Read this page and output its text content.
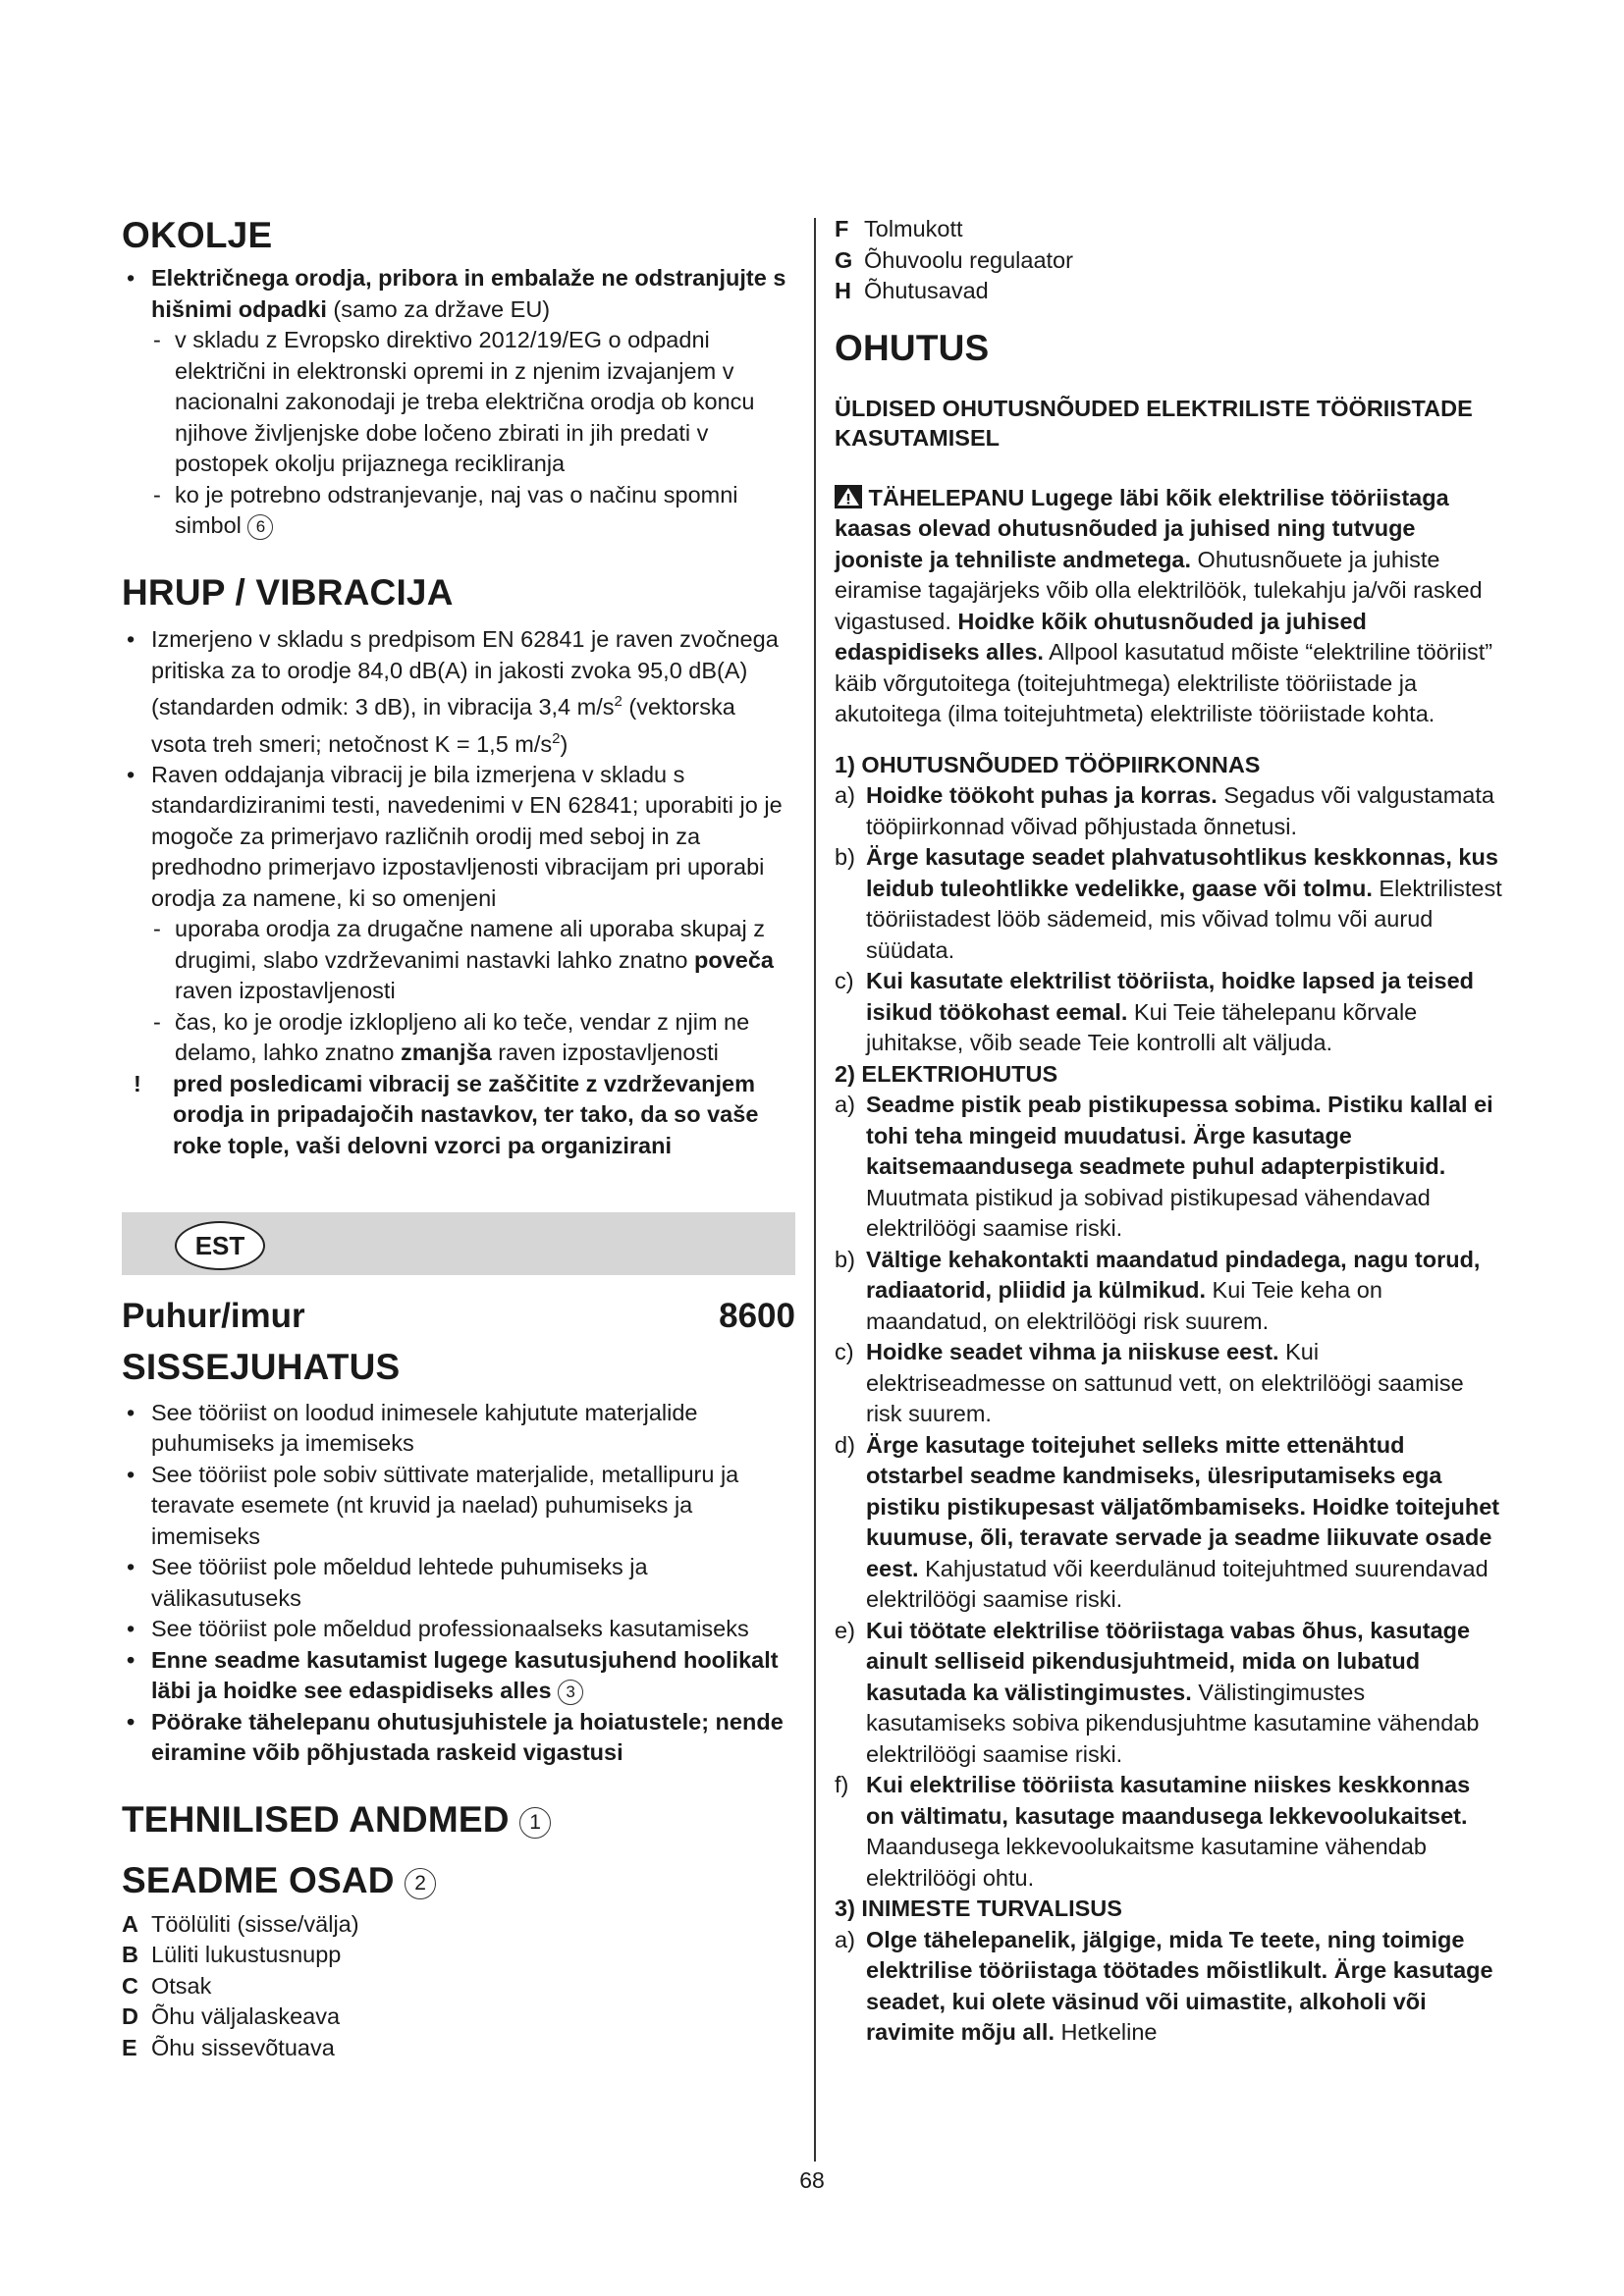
OKOLJE
• Električnega orodja, pribora in embalaže ne odstranjujte s hišnimi odpadki (samo za države EU)
- v skladu z Evropsko direktivo 2012/19/EG o odpadni električni in elektronski opremi in z njenim izvajanjem v nacionalni zakonodaji je treba električna orodja ob koncu njihove življenjske dobe ločeno zbirati in jih predati v postopek okolju prijaznega recikliranja
- ko je potrebno odstranjevanje, naj vas o načinu spomni simbol 6
HRUP / VIBRACIJA
• Izmerjeno v skladu s predpisom EN 62841 je raven zvočnega pritiska za to orodje 84,0 dB(A) in jakosti zvoka 95,0 dB(A) (standarden odmik: 3 dB), in vibracija 3,4 $m/s^2$ (vektorska vsota treh smeri; netočnost K = 1,5 $m/s^2$)
• Raven oddajanja vibracij je bila izmerjena v skladu s standardiziranimi testi, navedenimi v EN 62841; uporabiti jo je mogoče za primerjavo različnih orodij med seboj in za predhodno primerjavo izpostavljenosti vibracijam pri uporabi orodja za namene, ki so omenjeni
- uporaba orodja za drugačne namene ali uporaba skupaj z drugimi, slabo vzdrževanimi nastavki lahko znatno poveča raven izpostavljenosti
- čas, ko je orodje izklopljeno ali ko teče, vendar z njim ne delamo, lahko znatno zmanjša raven izpostavljenosti
! pred posledicami vibracij se zaščitite z vzdrževanjem orodja in pripadajočih nastavkov, ter tako, da so vaše roke tople, vaši delovni vzorci pa organizirani
EST
Puhur/imur	8600
SISSEJUHATUS
• See tööriist on loodud inimesele kahjutute materjalide puhumiseks ja imemiseks
• See tööriist pole sobiv süttivate materjalide, metallipuru ja teravate esemete (nt kruvid ja naelad) puhumiseks ja imemiseks
• See tööriist pole mõeldud lehtede puhumiseks ja välikasutuseks
• See tööriist pole mõeldud professionaalseks kasutamiseks
• Enne seadme kasutamist lugege kasutusjuhend hoolikalt läbi ja hoidke see edaspidiseks alles 3
• Pöörake tähelepanu ohutusjuhistele ja hoiatustele; nende eiramine võib põhjustada raskeid vigastusi
TEHNILISED ANDMED 1
SEADME OSAD 2
A Töölüliti (sisse/välja)
B Lüliti lukustusnupp
C Otsak
D Õhu väljalaskeava
E Õhu sissevõtuava
F Tolmukott
G Õhuvoolu regulaator
H Õhutusavad
OHUTUS
ÜLDISED OHUTUSNÕUDED ELEKTRILISTE TÖÖRIISTADE KASUTAMISEL
TÄHELEPANU Lugege läbi kõik elektrilise tööriistaga kaasas olevad ohutusnõuded ja juhised ning tutvuge jooniste ja tehniliste andmetega. Ohutusnõuete ja juhiste eiramise tagajärjeks võib olla elektrilöök, tulekahju ja/või rasked vigastused. Hoidke kõik ohutusnõuded ja juhised edaspidiseks alles. Allpool kasutatud mõiste “elektriline tööriist” käib võrgutoitega (toitejuhtmega) elektriliste tööriistade ja akutoitega (ilma toitejuhtmeta) elektriliste tööriistade kohta.
1) OHUTUSNÕUDED TÖÖPIIRKONNAS
a) Hoidke töökoht puhas ja korras. Segadus või valgustamata tööpiirkonnad võivad põhjustada õnnetusi.
b) Ärge kasutage seadet plahvatusohtlikus keskkonnas, kus leidub tuleohtlikke vedelikke, gaase või tolmu. Elektrilistest tööriistadest lööb sädemeid, mis võivad tolmu või aurud süüdata.
c) Kui kasutate elektrilist tööriista, hoidke lapsed ja teised isikud töökohast eemal. Kui Teie tähelepanu kõrvale juhitakse, võib seade Teie kontrolli alt väljuda.
2) ELEKTRIOHUTUS
a) Seadme pistik peab pistikupessa sobima. Pistiku kallal ei tohi teha mingeid muudatusi. Ärge kasutage kaitsemaandusega seadmete puhul adapterpistikuid. Muutmata pistikud ja sobivad pistikupesad vähendavad elektrilöögi saamise riski.
b) Vältige kehakontakti maandatud pindadega, nagu torud, radiaatorid, pliidid ja külmikud. Kui Teie keha on maandatud, on elektrilöögi risk suurem.
c) Hoidke seadet vihma ja niiskuse eest. Kui elektriseadmesse on sattunud vett, on elektrilöögi saamise risk suurem.
d) Ärge kasutage toitejuhet selleks mitte ettenähtud otstarbel seadme kandmiseks, ülesriputamiseks ega pistiku pistikupesast väljatõmbamiseks. Hoidke toitejuhet kuumuse, õli, teravate servade ja seadme liikuvate osade eest. Kahjustatud või keerdulänud toitejuhtmed suurendavad elektrilöögi saamise riski.
e) Kui töötate elektrilise tööriistaga vabas õhus, kasutage ainult selliseid pikendusjuhtmeid, mida on lubatud kasutada ka välistingimustes. Välistingimustes kasutamiseks sobiva pikendusjuhtme kasutamine vähendab elektrilöögi saamise riski.
f) Kui elektrilise tööriista kasutamine niiskes keskkonnas on vältimatu, kasutage maandusega lekkevoolukaitset. Maandusega lekkevoolukaitsme kasutamine vähendab elektrilöögi ohtu.
3) INIMESTE TURVALISUS
a) Olge tähelepanelik, jälgige, mida Te teete, ning toimige elektrilise tööriistaga töötades mõistlikult. Ärge kasutage seadet, kui olete väsinud või uimastite, alkoholi või ravimite mõju all. Hetkeline
68
